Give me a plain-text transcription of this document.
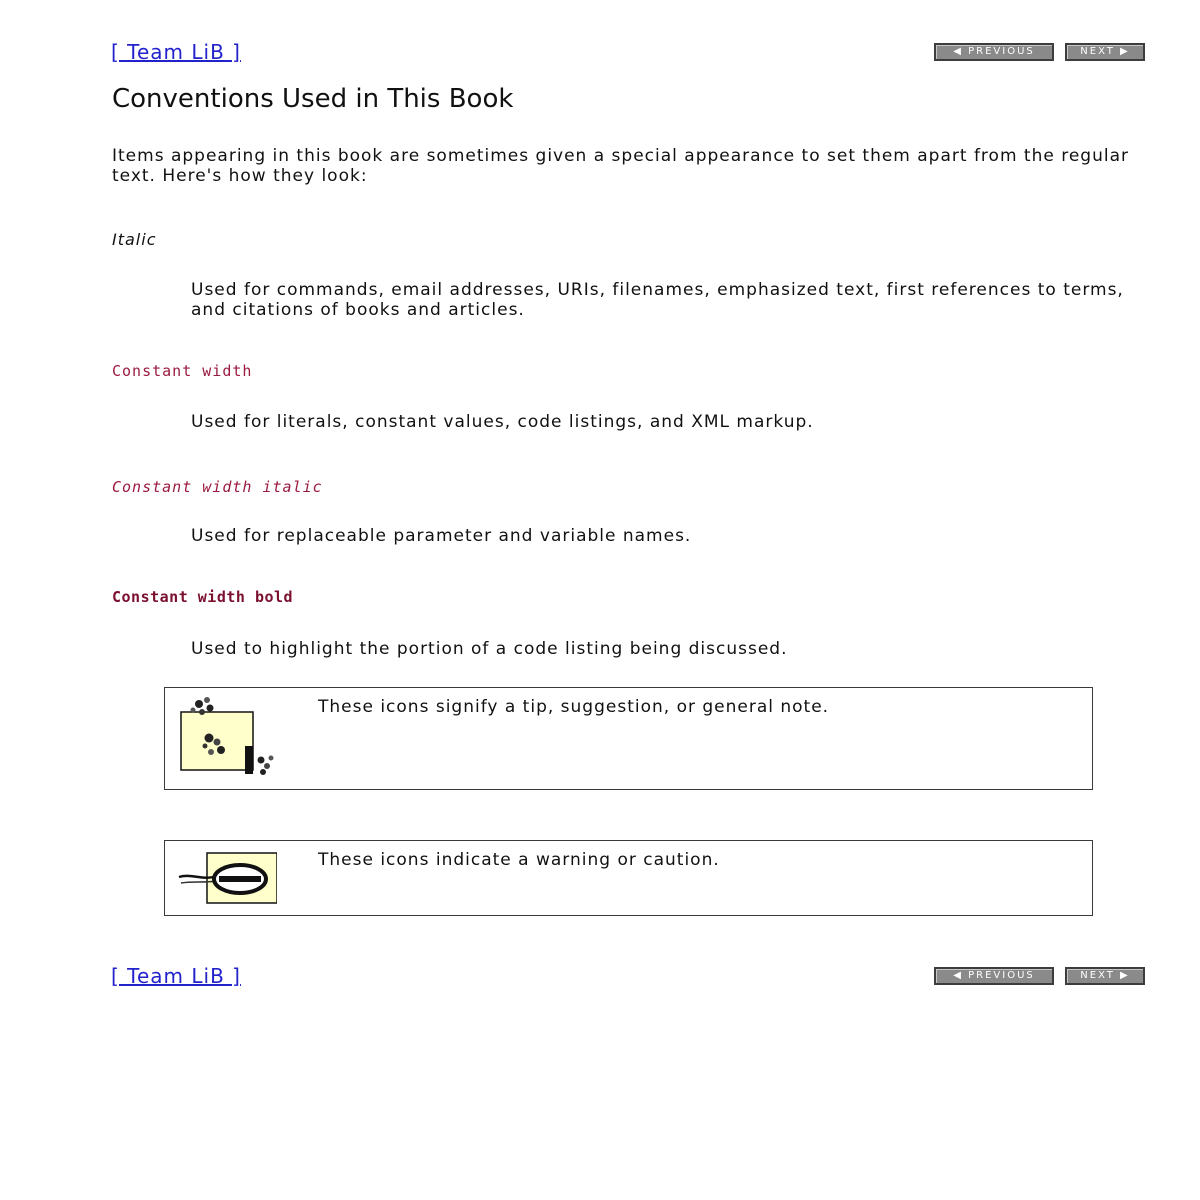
[ Team LiB ]	◀ PREVIOUS	NEXT ▶
Conventions Used in This Book

Items appearing in this book are sometimes given a special appearance to set them apart from the regular text. Here's how they look:

Italic

Used for commands, email addresses, URIs, filenames, emphasized text, first references to terms, and citations of books and articles.

Constant width

Used for literals, constant values, code listings, and XML markup.

Constant width italic

Used for replaceable parameter and variable names.

Constant width bold

Used to highlight the portion of a code listing being discussed.

These icons signify a tip, suggestion, or general note.

These icons indicate a warning or caution.

[ Team LiB ]	◀ PREVIOUS	NEXT ▶
